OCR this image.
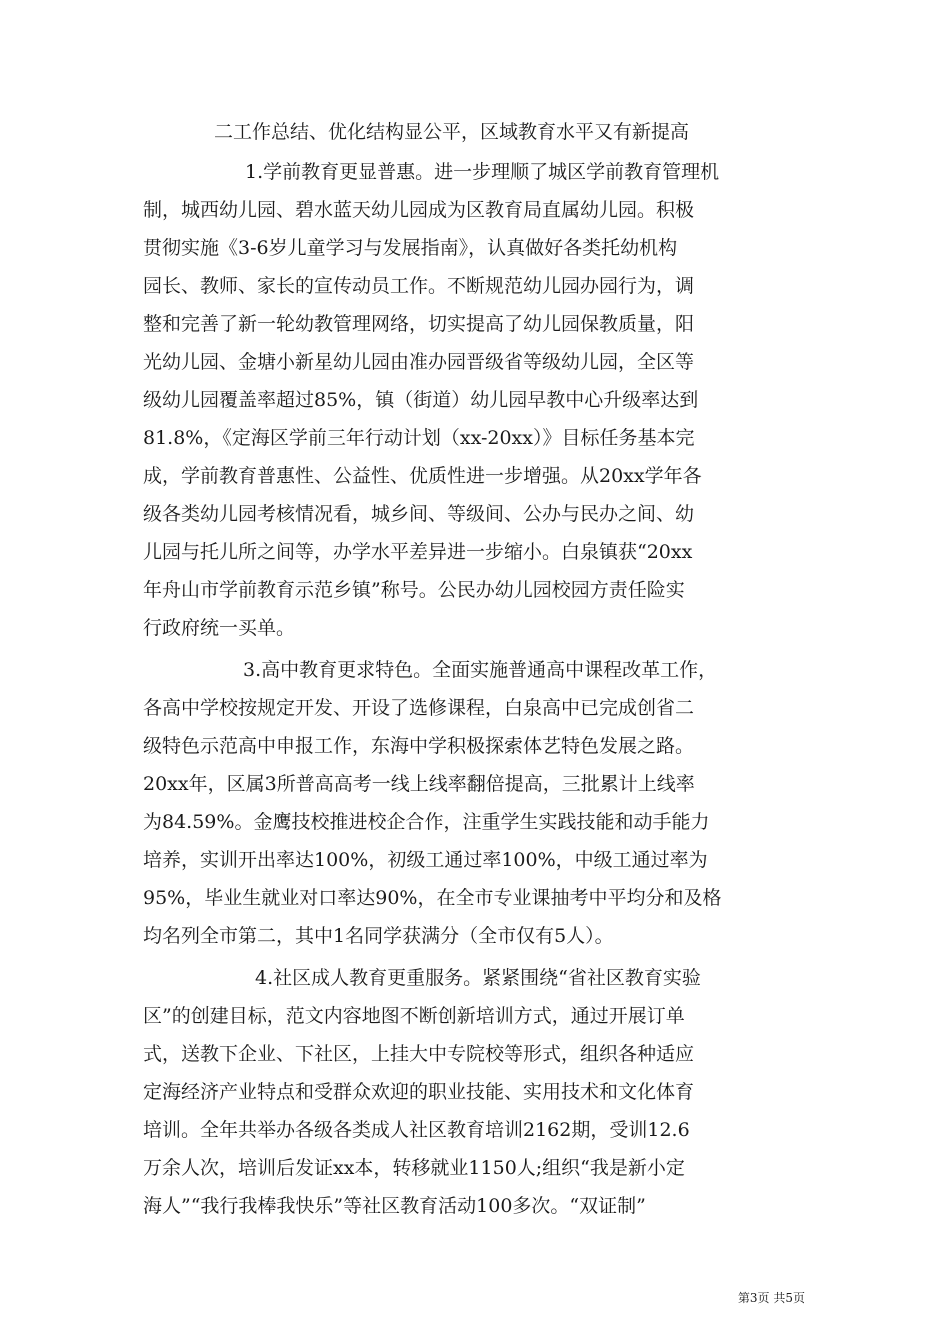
二工作总结、优化结构显公平，区域教育水平又有新提高
1.学前教育更显普惠。进一步理顺了城区学前教育管理机
制，城西幼儿园、碧水蓝天幼儿园成为区教育局直属幼儿园。积极
贯彻实施《3-6岁儿童学习与发展指南》，认真做好各类托幼机构
园长、教师、家长的宣传动员工作。不断规范幼儿园办园行为，调
整和完善了新一轮幼教管理网络，切实提高了幼儿园保教质量，阳
光幼儿园、金塘小新星幼儿园由准办园晋级省等级幼儿园，全区等
级幼儿园覆盖率超过85%，镇（街道）幼儿园早教中心升级率达到
81.8%，《定海区学前三年行动计划（xx-20xx）》目标任务基本完
成，学前教育普惠性、公益性、优质性进一步增强。从20xx学年各
级各类幼儿园考核情况看，城乡间、等级间、公办与民办之间、幼
儿园与托儿所之间等，办学水平差异进一步缩小。白泉镇获“20xx
年舟山市学前教育示范乡镇”称号。公民办幼儿园校园方责任险实
行政府统一买单。
3.高中教育更求特色。全面实施普通高中课程改革工作，
各高中学校按规定开发、开设了选修课程，白泉高中已完成创省二
级特色示范高中申报工作，东海中学积极探索体艺特色发展之路。
20xx年，区属3所普高高考一线上线率翻倍提高，三批累计上线率
为84.59%。金鹰技校推进校企合作，注重学生实践技能和动手能力
培养，实训开出率达100%，初级工通过率100%，中级工通过率为
95%，毕业生就业对口率达90%，在全市专业课抽考中平均分和及格
均名列全市第二，其中1名同学获满分（全市仅有5人）。
4.社区成人教育更重服务。紧紧围绕“省社区教育实验
区”的创建目标，范文内容地图不断创新培训方式，通过开展订单
式，送教下企业、下社区，上挂大中专院校等形式，组织各种适应
定海经济产业特点和受群众欢迎的职业技能、实用技术和文化体育
培训。全年共举办各级各类成人社区教育培训2162期，受训12.6
万余人次，培训后发证xx本，转移就业1150人;组织“我是新小定
海人”“我行我棒我快乐”等社区教育活动100多次。“双证制”
第3页 共5页
